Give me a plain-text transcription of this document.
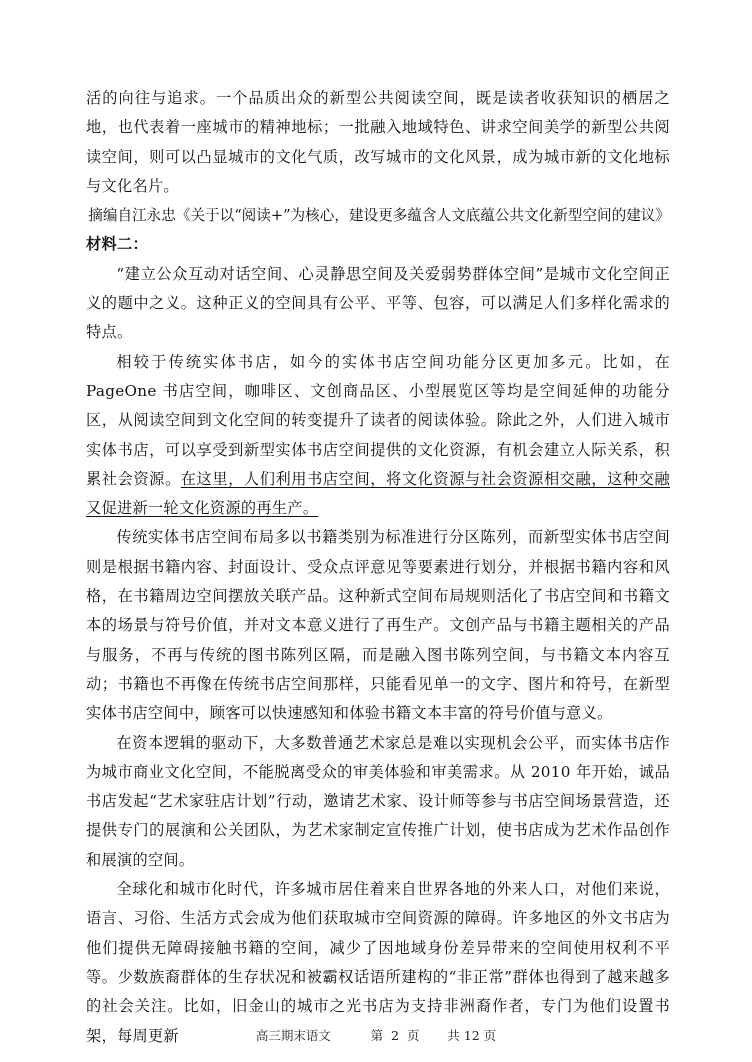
活的向往与追求。一个品质出众的新型公共阅读空间，既是读者收获知识的栖居之地，也代表着一座城市的精神地标；一批融入地域特色、讲求空间美学的新型公共阅读空间，则可以凸显城市的文化气质，改写城市的文化风景，成为城市新的文化地标与文化名片。

摘编自江永忠《关于以“阅读+”为核心，建设更多蕴含人文底蕴公共文化新型空间的建议》

材料二：

“建立公众互动对话空间、心灵静思空间及关爱弱势群体空间”是城市文化空间正义的题中之义。这种正义的空间具有公平、平等、包容，可以满足人们多样化需求的特点。

相较于传统实体书店，如今的实体书店空间功能分区更加多元。比如，在 PageOne 书店空间，咖啡区、文创商品区、小型展览区等均是空间延伸的功能分区，从阅读空间到文化空间的转变提升了读者的阅读体验。除此之外，人们进入城市实体书店，可以享受到新型实体书店空间提供的文化资源，有机会建立人际关系，积累社会资源。在这里，人们利用书店空间，将文化资源与社会资源相交融，这种交融又促进新一轮文化资源的再生产。

传统实体书店空间布局多以书籍类别为标准进行分区陈列，而新型实体书店空间则是根据书籍内容、封面设计、受众点评意见等要素进行划分，并根据书籍内容和风格，在书籍周边空间摆放关联产品。这种新式空间布局规则活化了书店空间和书籍文本的场景与符号价值，并对文本意义进行了再生产。文创产品与书籍主题相关的产品与服务，不再与传统的图书陈列区隔，而是融入图书陈列空间，与书籍文本内容互动；书籍也不再像在传统书店空间那样，只能看见单一的文字、图片和符号，在新型实体书店空间中，顾客可以快速感知和体验书籍文本丰富的符号价值与意义。

在资本逻辑的驱动下，大多数普通艺术家总是难以实现机会公平，而实体书店作为城市商业文化空间，不能脱离受众的审美体验和审美需求。从 2010 年开始，诚品书店发起“艺术家驻店计划”行动，邀请艺术家、设计师等参与书店空间场景营造，还提供专门的展演和公关团队，为艺术家制定宣传推广计划，使书店成为艺术作品创作和展演的空间。

全球化和城市化时代，许多城市居住着来自世界各地的外来人口，对他们来说，语言、习俗、生活方式会成为他们获取城市空间资源的障碍。许多地区的外文书店为他们提供无障碍接触书籍的空间，减少了因地域身份差异带来的空间使用权利不平等。少数族裔群体的生存状况和被霸权话语所建构的“非正常”群体也得到了越来越多的社会关注。比如，旧金山的城市之光书店为支持非洲裔作者，专门为他们设置书架，每周更新	高三期末语文          第  2  页       共 12 页
